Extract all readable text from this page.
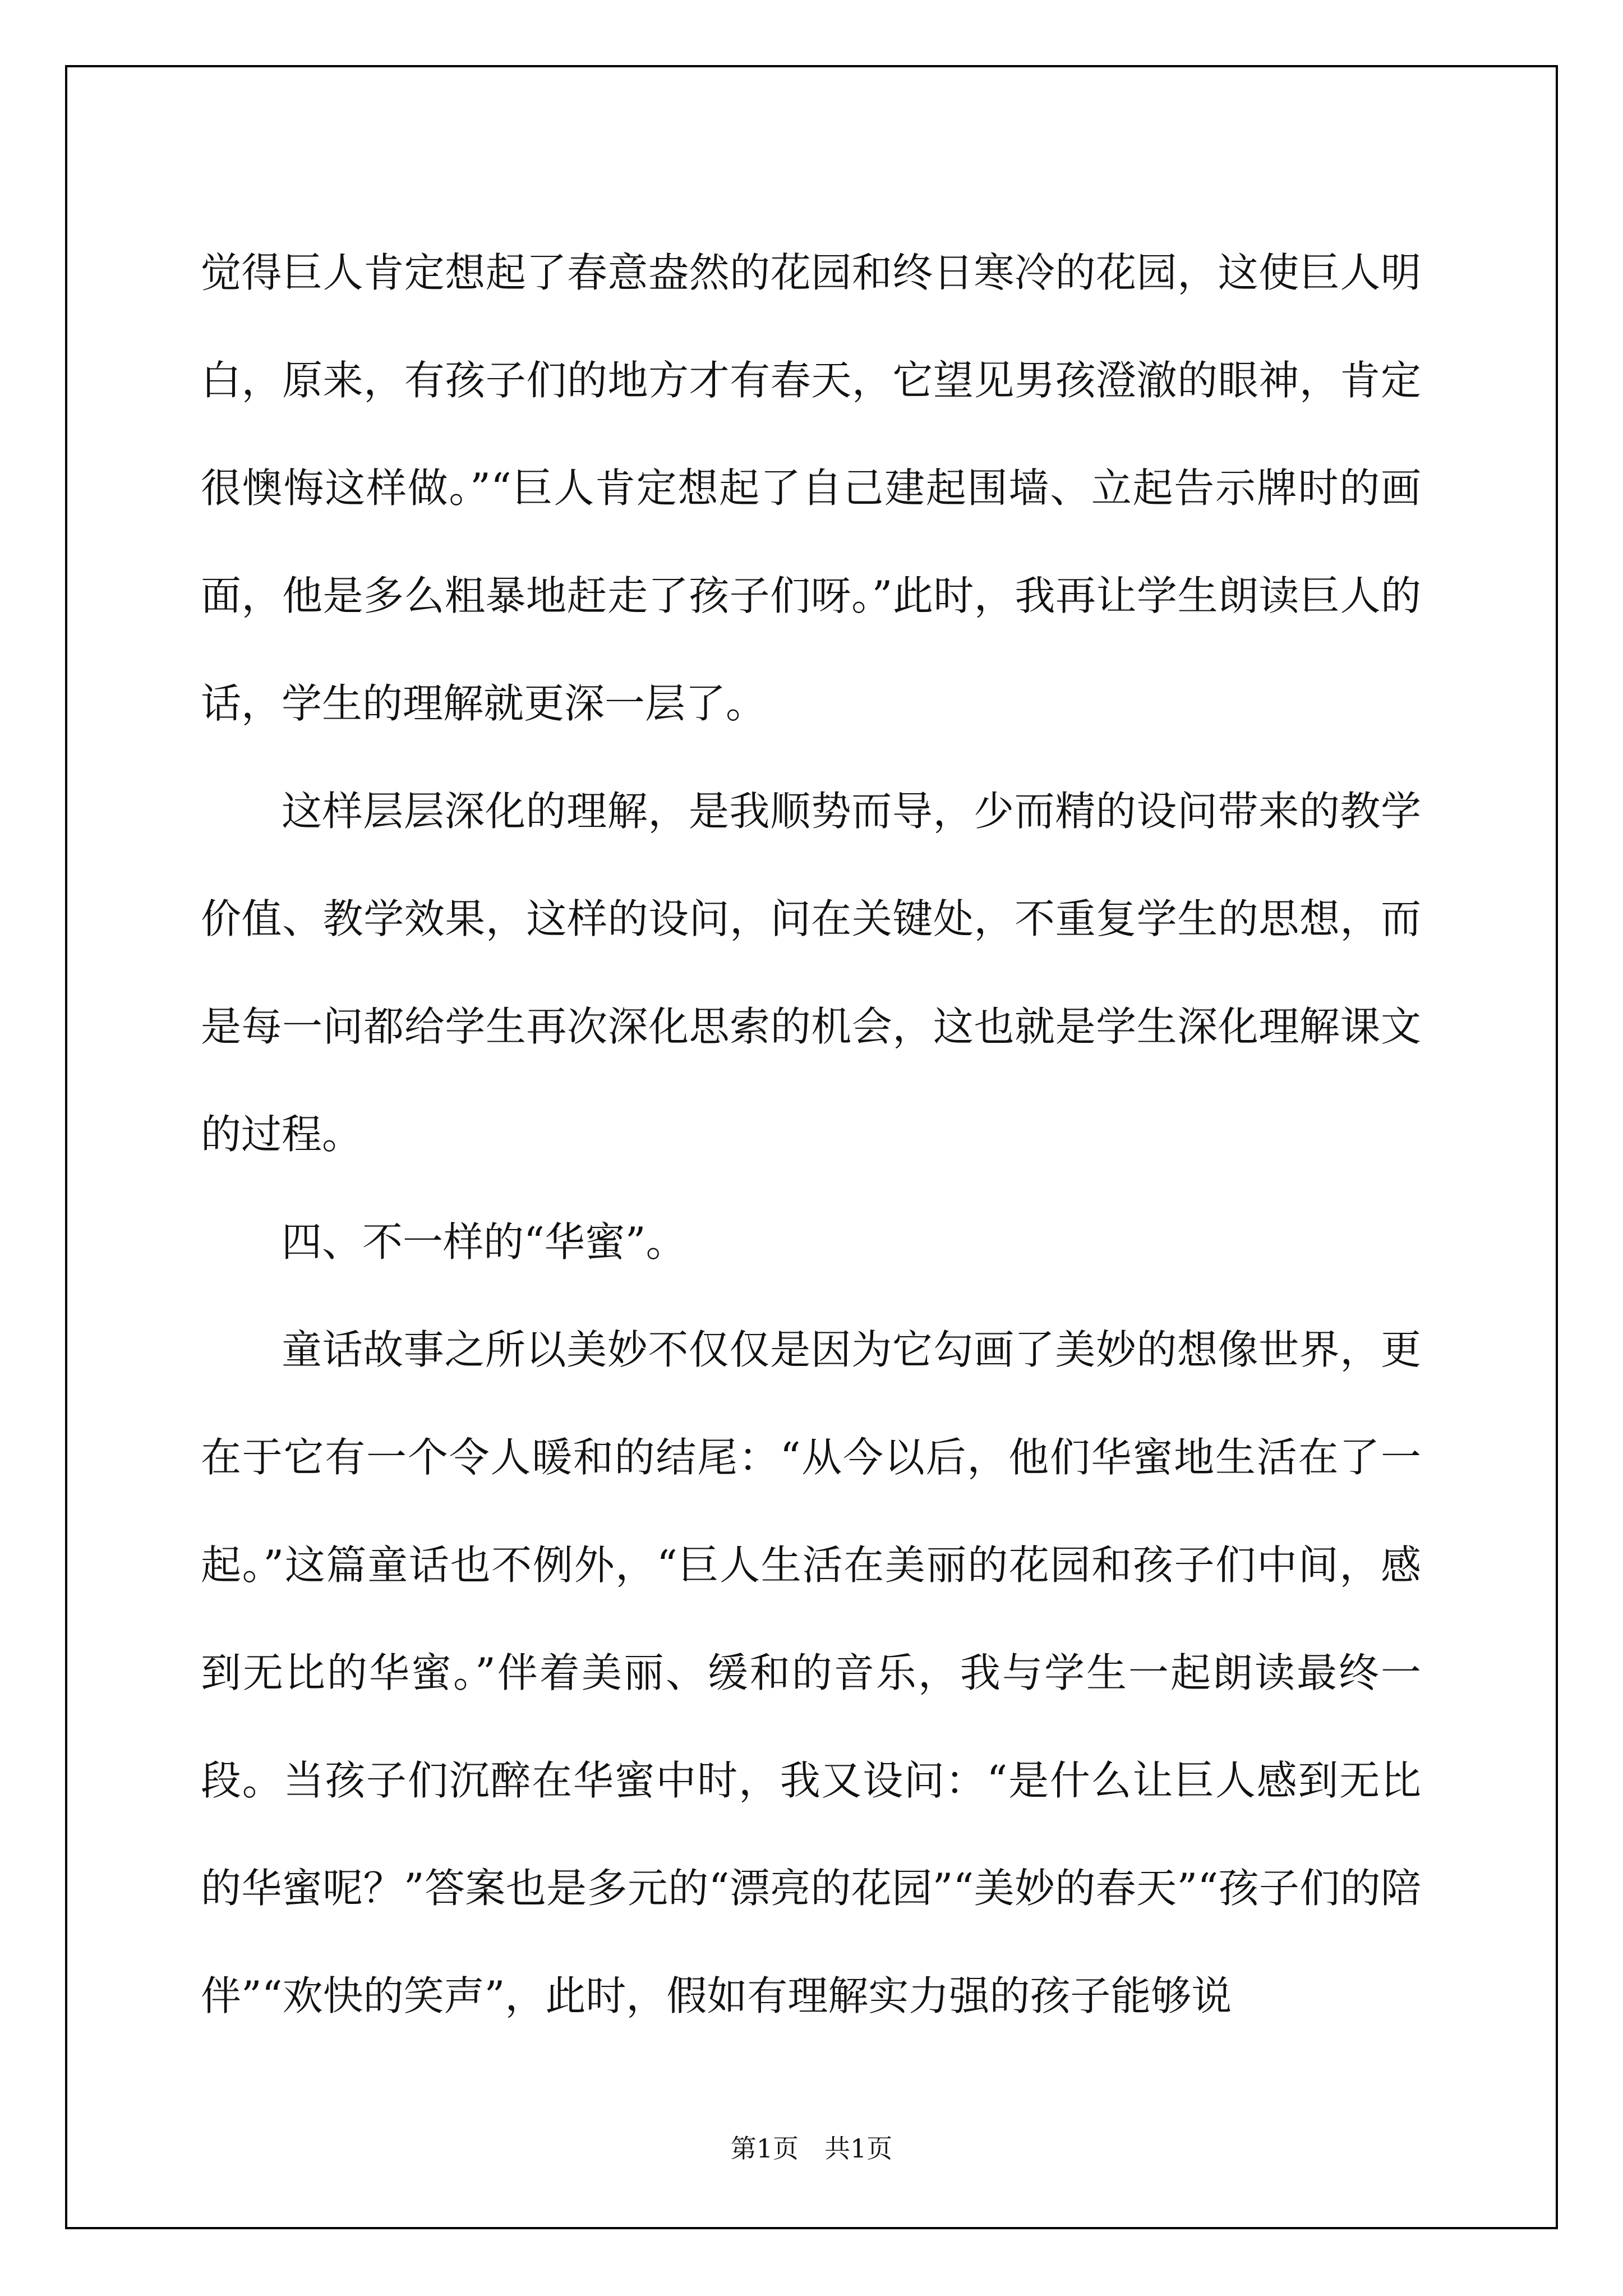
觉得巨人肯定想起了春意盎然的花园和终日寒冷的花园，这使巨人明白，原来，有孩子们的地方才有春天，它望见男孩澄澈的眼神，肯定很懊悔这样做。”“巨人肯定想起了自己建起围墙、立起告示牌时的画面，他是多么粗暴地赶走了孩子们呀。”此时，我再让学生朗读巨人的话，学生的理解就更深一层了。

这样层层深化的理解，是我顺势而导，少而精的设问带来的教学价值、教学效果，这样的设问，问在关键处，不重复学生的思想，而是每一问都给学生再次深化思索的机会，这也就是学生深化理解课文的过程。

四、不一样的“华蜜”。

童话故事之所以美妙不仅仅是因为它勾画了美妙的想像世界，更在于它有一个令人暖和的结尾：“从今以后，他们华蜜地生活在了一起。”这篇童话也不例外，“巨人生活在美丽的花园和孩子们中间，感到无比的华蜜。”伴着美丽、缓和的音乐，我与学生一起朗读最终一段。当孩子们沉醉在华蜜中时，我又设问：“是什么让巨人感到无比的华蜜呢？”答案也是多元的“漂亮的花园”“美妙的春天”“孩子们的陪伴”“欢快的笑声”，此时，假如有理解实力强的孩子能够说

第1页 共1页
